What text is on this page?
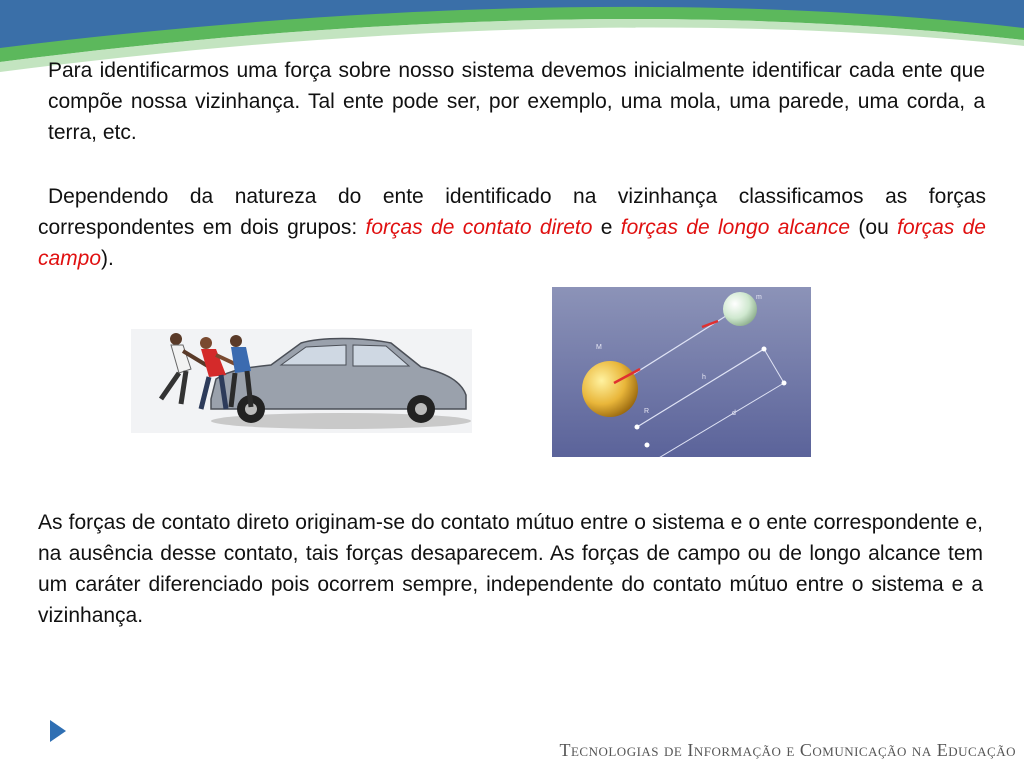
Para identificarmos uma força sobre nosso sistema devemos inicialmente identificar cada ente que compõe nossa vizinhança. Tal ente pode ser, por exemplo, uma mola, uma parede, uma corda, a terra, etc.

Dependendo da natureza do ente identificado na vizinhança classificamos as forças correspondentes em dois grupos: forças de contato direto e forças de longo alcance (ou forças de campo).

M
m
R
h
d

As forças de contato direto originam-se do contato mútuo entre o sistema e o ente correspondente e, na ausência desse contato, tais forças desaparecem. As forças de campo ou de longo alcance tem um caráter diferenciado pois ocorrem sempre, independente do contato mútuo entre o sistema e a vizinhança.

Tecnologias de Informação e Comunicação na Educação
